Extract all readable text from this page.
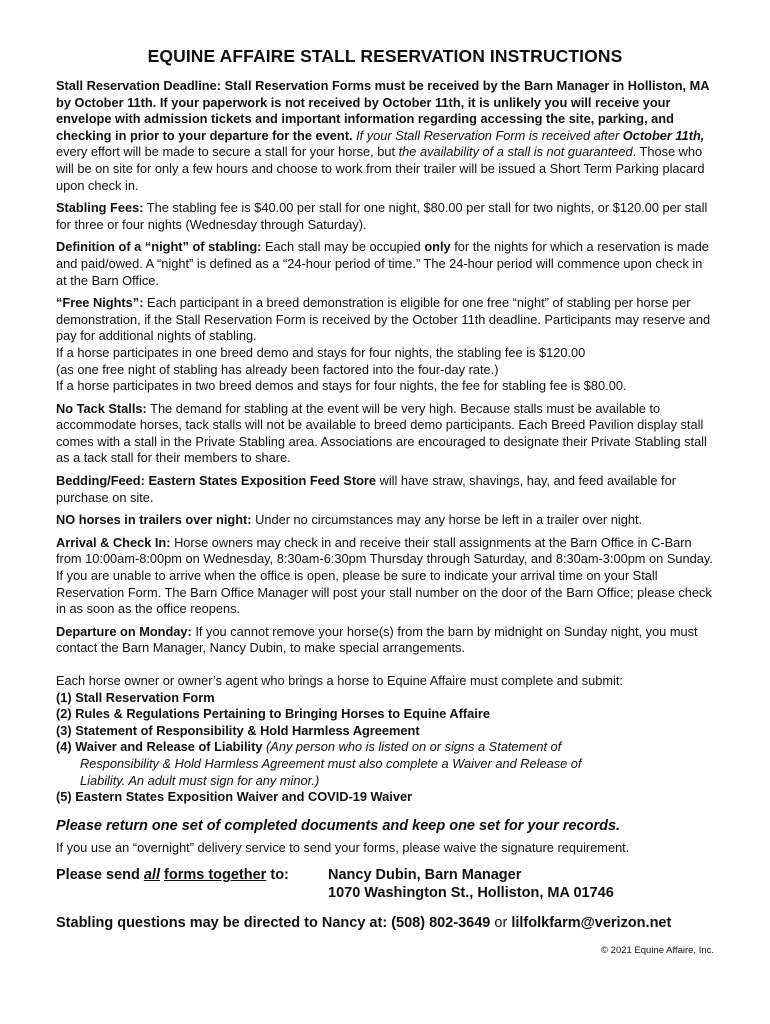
EQUINE AFFAIRE STALL RESERVATION INSTRUCTIONS

Stall Reservation Deadline: Stall Reservation Forms must be received by the Barn Manager in Holliston, MA by October 11th. If your paperwork is not received by October 11th, it is unlikely you will receive your envelope with admission tickets and important information regarding accessing the site, parking, and checking in prior to your departure for the event. If your Stall Reservation Form is received after October 11th, every effort will be made to secure a stall for your horse, but the availability of a stall is not guaranteed. Those who will be on site for only a few hours and choose to work from their trailer will be issued a Short Term Parking placard upon check in.

Stabling Fees: The stabling fee is $40.00 per stall for one night, $80.00 per stall for two nights, or $120.00 per stall for three or four nights (Wednesday through Saturday).

Definition of a “night” of stabling: Each stall may be occupied only for the nights for which a reservation is made and paid/owed. A “night” is defined as a “24-hour period of time.” The 24-hour period will commence upon check in at the Barn Office.

“Free Nights”: Each participant in a breed demonstration is eligible for one free “night” of stabling per horse per demonstration, if the Stall Reservation Form is received by the October 11th deadline. Participants may reserve and pay for additional nights of stabling.
If a horse participates in one breed demo and stays for four nights, the stabling fee is $120.00
(as one free night of stabling has already been factored into the four-day rate.)
If a horse participates in two breed demos and stays for four nights, the fee for stabling fee is $80.00.

No Tack Stalls: The demand for stabling at the event will be very high. Because stalls must be available to accommodate horses, tack stalls will not be available to breed demo participants. Each Breed Pavilion display stall comes with a stall in the Private Stabling area. Associations are encouraged to designate their Private Stabling stall as a tack stall for their members to share.

Bedding/Feed: Eastern States Exposition Feed Store will have straw, shavings, hay, and feed available for purchase on site.

NO horses in trailers over night: Under no circumstances may any horse be left in a trailer over night.

Arrival & Check In: Horse owners may check in and receive their stall assignments at the Barn Office in C-Barn from 10:00am-8:00pm on Wednesday, 8:30am-6:30pm Thursday through Saturday, and 8:30am-3:00pm on Sunday. If you are unable to arrive when the office is open, please be sure to indicate your arrival time on your Stall Reservation Form. The Barn Office Manager will post your stall number on the door of the Barn Office; please check in as soon as the office reopens.

Departure on Monday: If you cannot remove your horse(s) from the barn by midnight on Sunday night, you must contact the Barn Manager, Nancy Dubin, to make special arrangements.

Each horse owner or owner’s agent who brings a horse to Equine Affaire must complete and submit:

(1) Stall Reservation Form
(2) Rules & Regulations Pertaining to Bringing Horses to Equine Affaire
(3) Statement of Responsibility & Hold Harmless Agreement
(4) Waiver and Release of Liability (Any person who is listed on or signs a Statement of
Responsibility & Hold Harmless Agreement must also complete a Waiver and Release of
Liability. An adult must sign for any minor.)
(5) Eastern States Exposition Waiver and COVID-19 Waiver
Please return one set of completed documents and keep one set for your records.

If you use an “overnight” delivery service to send your forms, please waive the signature requirement.

Please send all forms together to:	Nancy Dubin, Barn Manager
1070 Washington St., Holliston, MA 01746
Stabling questions may be directed to Nancy at: (508) 802-3649 or lilfolkfarm@verizon.net
© 2021 Equine Affaire, Inc.
